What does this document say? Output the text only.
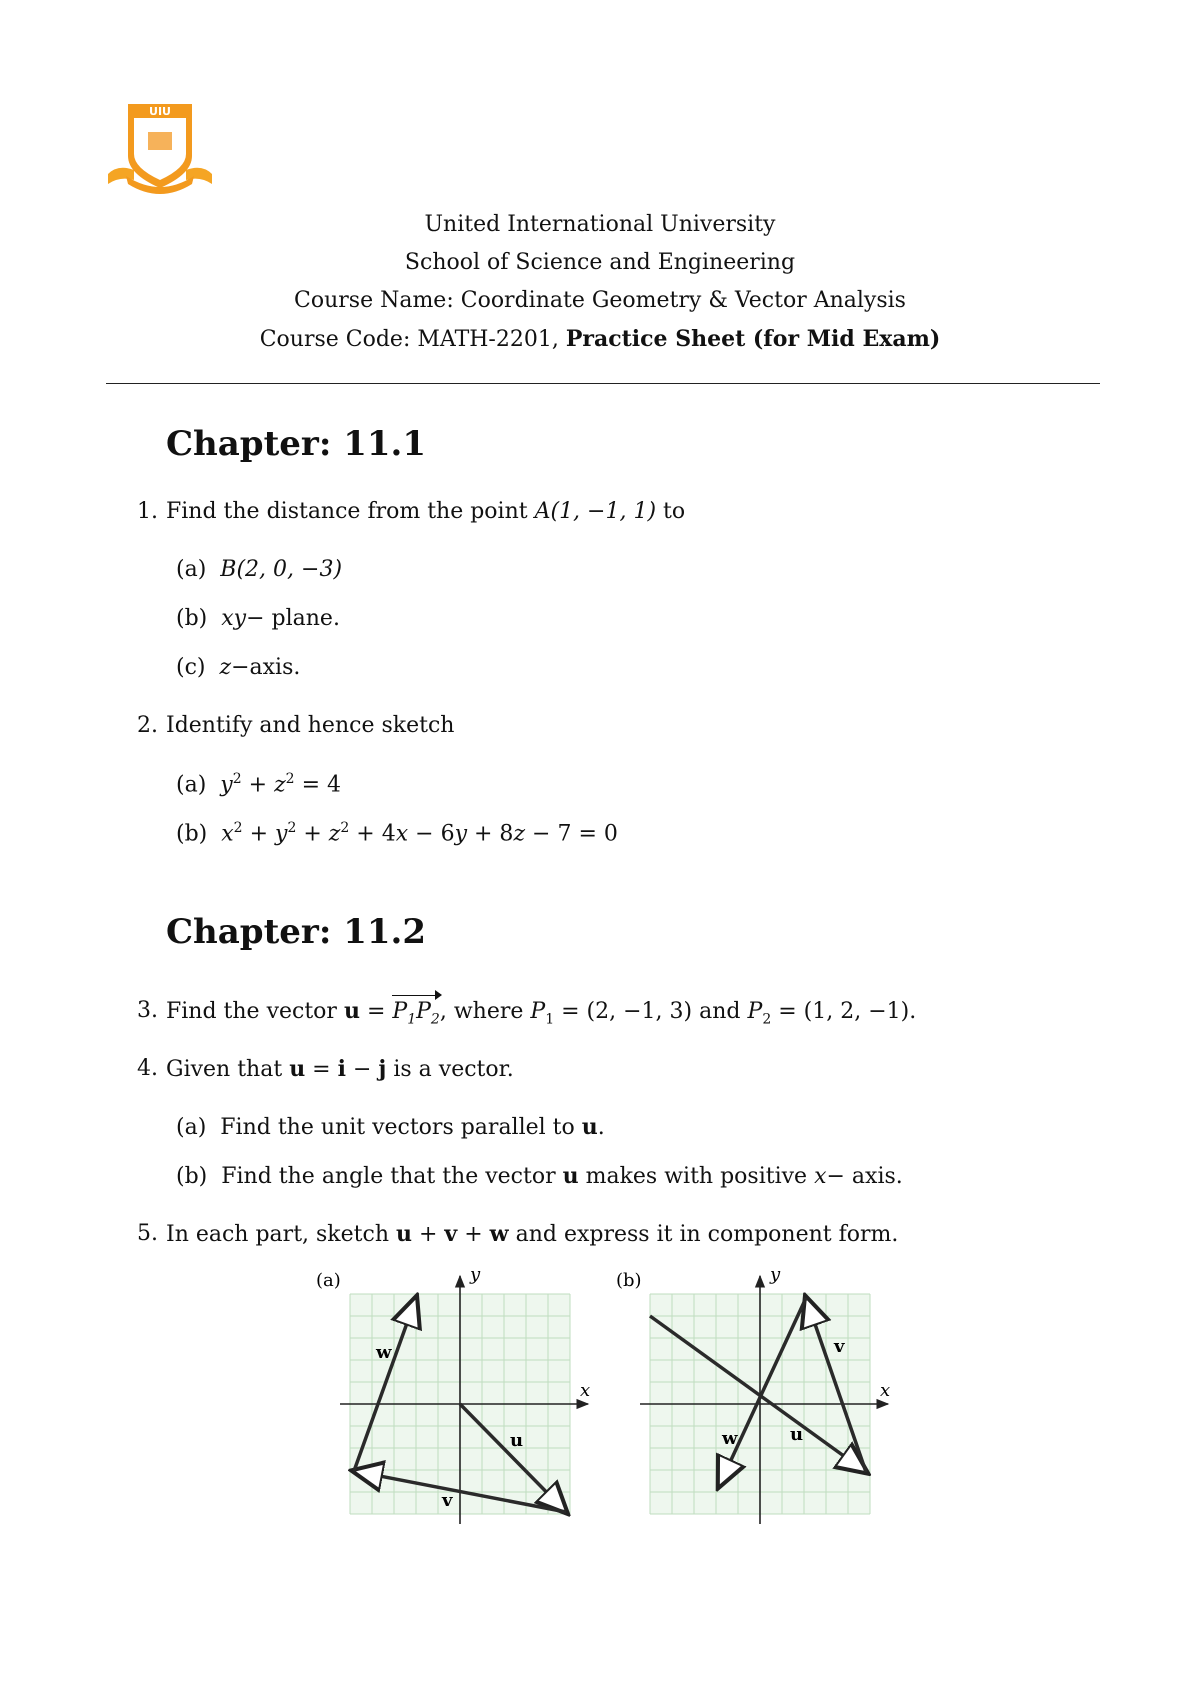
UIU
United International University
School of Science and Engineering
Course Name: Coordinate Geometry & Vector Analysis
Course Code: MATH-2201, Practice Sheet (for Mid Exam)
Chapter: 11.1
1. Find the distance from the point A(1, −1, 1) to
(a) B(2, 0, −3)
(b) xy− plane.
(c) z−axis.
2. Identify and hence sketch
(a) $y^2 + z^2 = 4$
(b) $x^2 + y^2 + z^2 + 4x - 6y + 8z - 7 = 0$
Chapter: 11.2
3. Find the vector $u = P_1P_2$, where $P_1 = (2$, −1, 3) and $P_2 = (1$, 2, −1).
4. Given that u = i − j is a vector.
(a) Find the unit vectors parallel to u.
(b) Find the angle that the vector u makes with positive x− axis.
5. In each part, sketch u + v + w and express it in component form.
(a)
x
y
u
v
w
(b)
x
y
u
v
w
